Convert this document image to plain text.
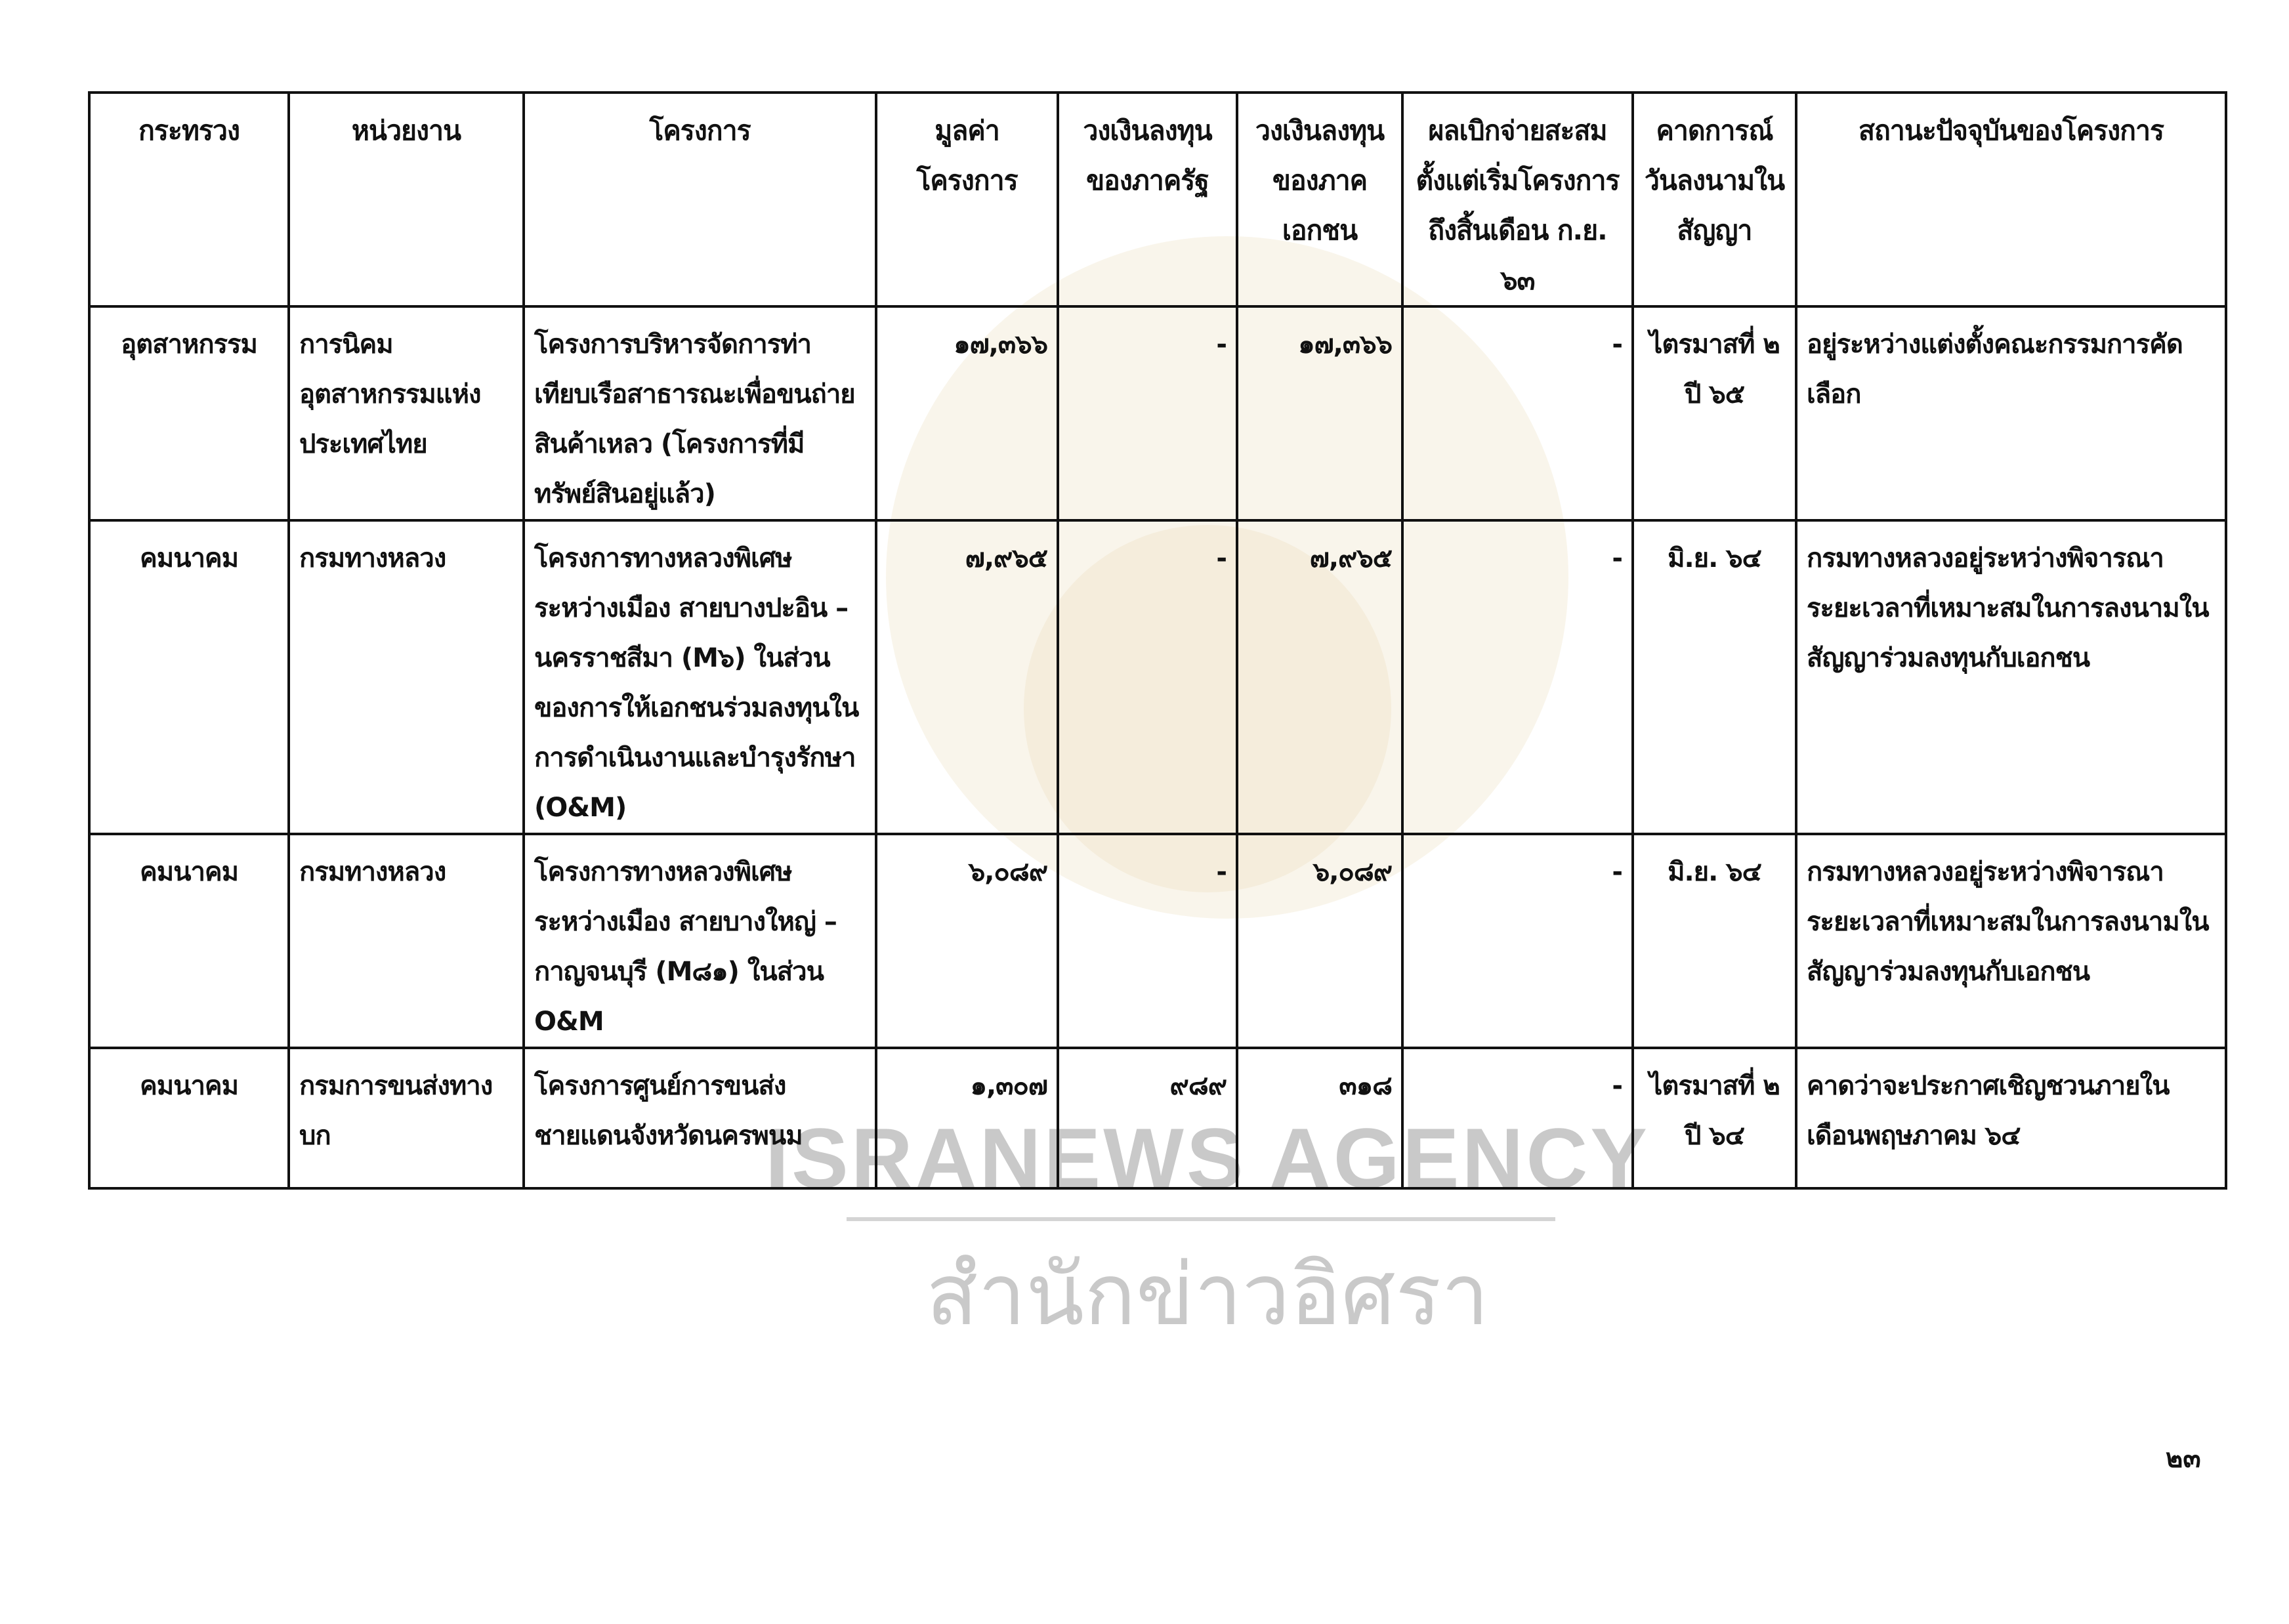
ISRANEWS AGENCY
สำนักข่าวอิศรา
กระทรวง	หน่วยงาน	โครงการ	มูลค่าโครงการ	วงเงินลงทุนของภาครัฐ	วงเงินลงทุนของภาคเอกชน	ผลเบิกจ่ายสะสมตั้งแต่เริ่มโครงการถึงสิ้นเดือน ก.ย. ๖๓	คาดการณ์วันลงนามในสัญญา	สถานะปัจจุบันของโครงการ
อุตสาหกรรม	การนิคมอุตสาหกรรมแห่งประเทศไทย	โครงการบริหารจัดการท่าเทียบเรือสาธารณะเพื่อขนถ่ายสินค้าเหลว (โครงการที่มีทรัพย์สินอยู่แล้ว)	๑๗,๓๖๖	-	๑๗,๓๖๖	-	ไตรมาสที่ ๒ ปี ๖๕	อยู่ระหว่างแต่งตั้งคณะกรรมการคัดเลือก
คมนาคม	กรมทางหลวง	โครงการทางหลวงพิเศษระหว่างเมือง สายบางปะอิน – นครราชสีมา (M๖) ในส่วนของการให้เอกชนร่วมลงทุนในการดำเนินงานและบำรุงรักษา (O&M)	๗,๙๖๕	-	๗,๙๖๕	-	มิ.ย. ๖๔	กรมทางหลวงอยู่ระหว่างพิจารณาระยะเวลาที่เหมาะสมในการลงนามในสัญญาร่วมลงทุนกับเอกชน
คมนาคม	กรมทางหลวง	โครงการทางหลวงพิเศษระหว่างเมือง สายบางใหญ่ – กาญจนบุรี (M๘๑) ในส่วน O&M	๖,๐๘๙	-	๖,๐๘๙	-	มิ.ย. ๖๔	กรมทางหลวงอยู่ระหว่างพิจารณาระยะเวลาที่เหมาะสมในการลงนามในสัญญาร่วมลงทุนกับเอกชน
คมนาคม	กรมการขนส่งทางบก	โครงการศูนย์การขนส่งชายแดนจังหวัดนครพนม	๑,๓๐๗	๙๘๙	๓๑๘	-	ไตรมาสที่ ๒ ปี ๖๔	คาดว่าจะประกาศเชิญชวนภายในเดือนพฤษภาคม ๖๔
๒๓
